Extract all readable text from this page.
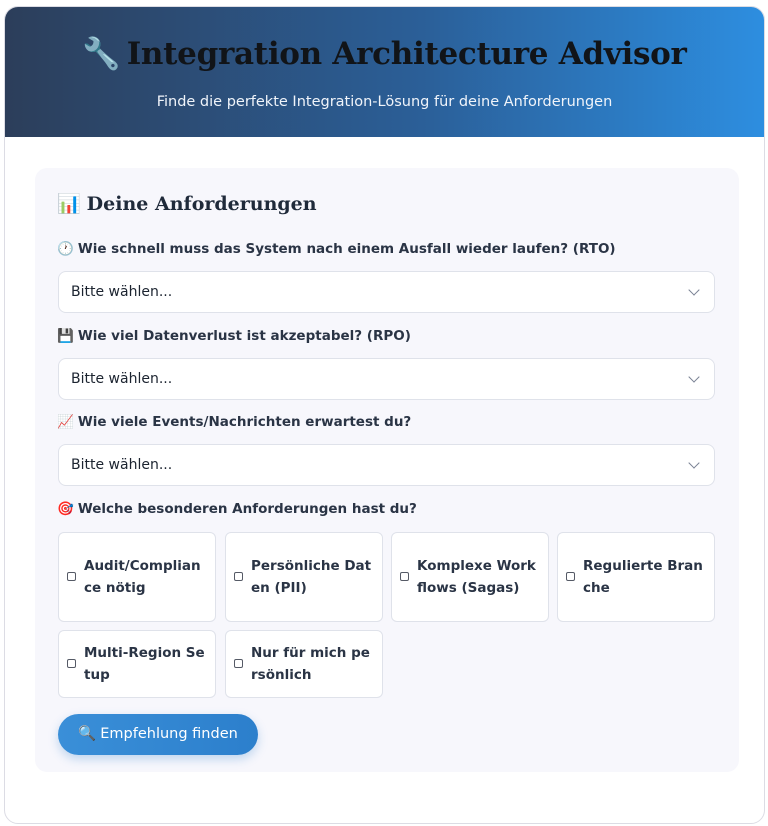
🔧 Integration Architecture Advisor

Finde die perfekte Integration-Lösung für deine Anforderungen

📊 Deine Anforderungen

🕐 Wie schnell muss das System nach einem Ausfall wieder laufen? (RTO)

Bitte wählen...

💾 Wie viel Datenverlust ist akzeptabel? (RPO)

Bitte wählen...

📈 Wie viele Events/Nachrichten erwartest du?

Bitte wählen...

🎯 Welche besonderen Anforderungen hast du?

Audit/Compliance nötig
Persönliche Daten (PII)
Komplexe Workflows (Sagas)
Regulierte Branche
Multi-Region Setup
Nur für mich persönlich
🔍 Empfehlung finden
